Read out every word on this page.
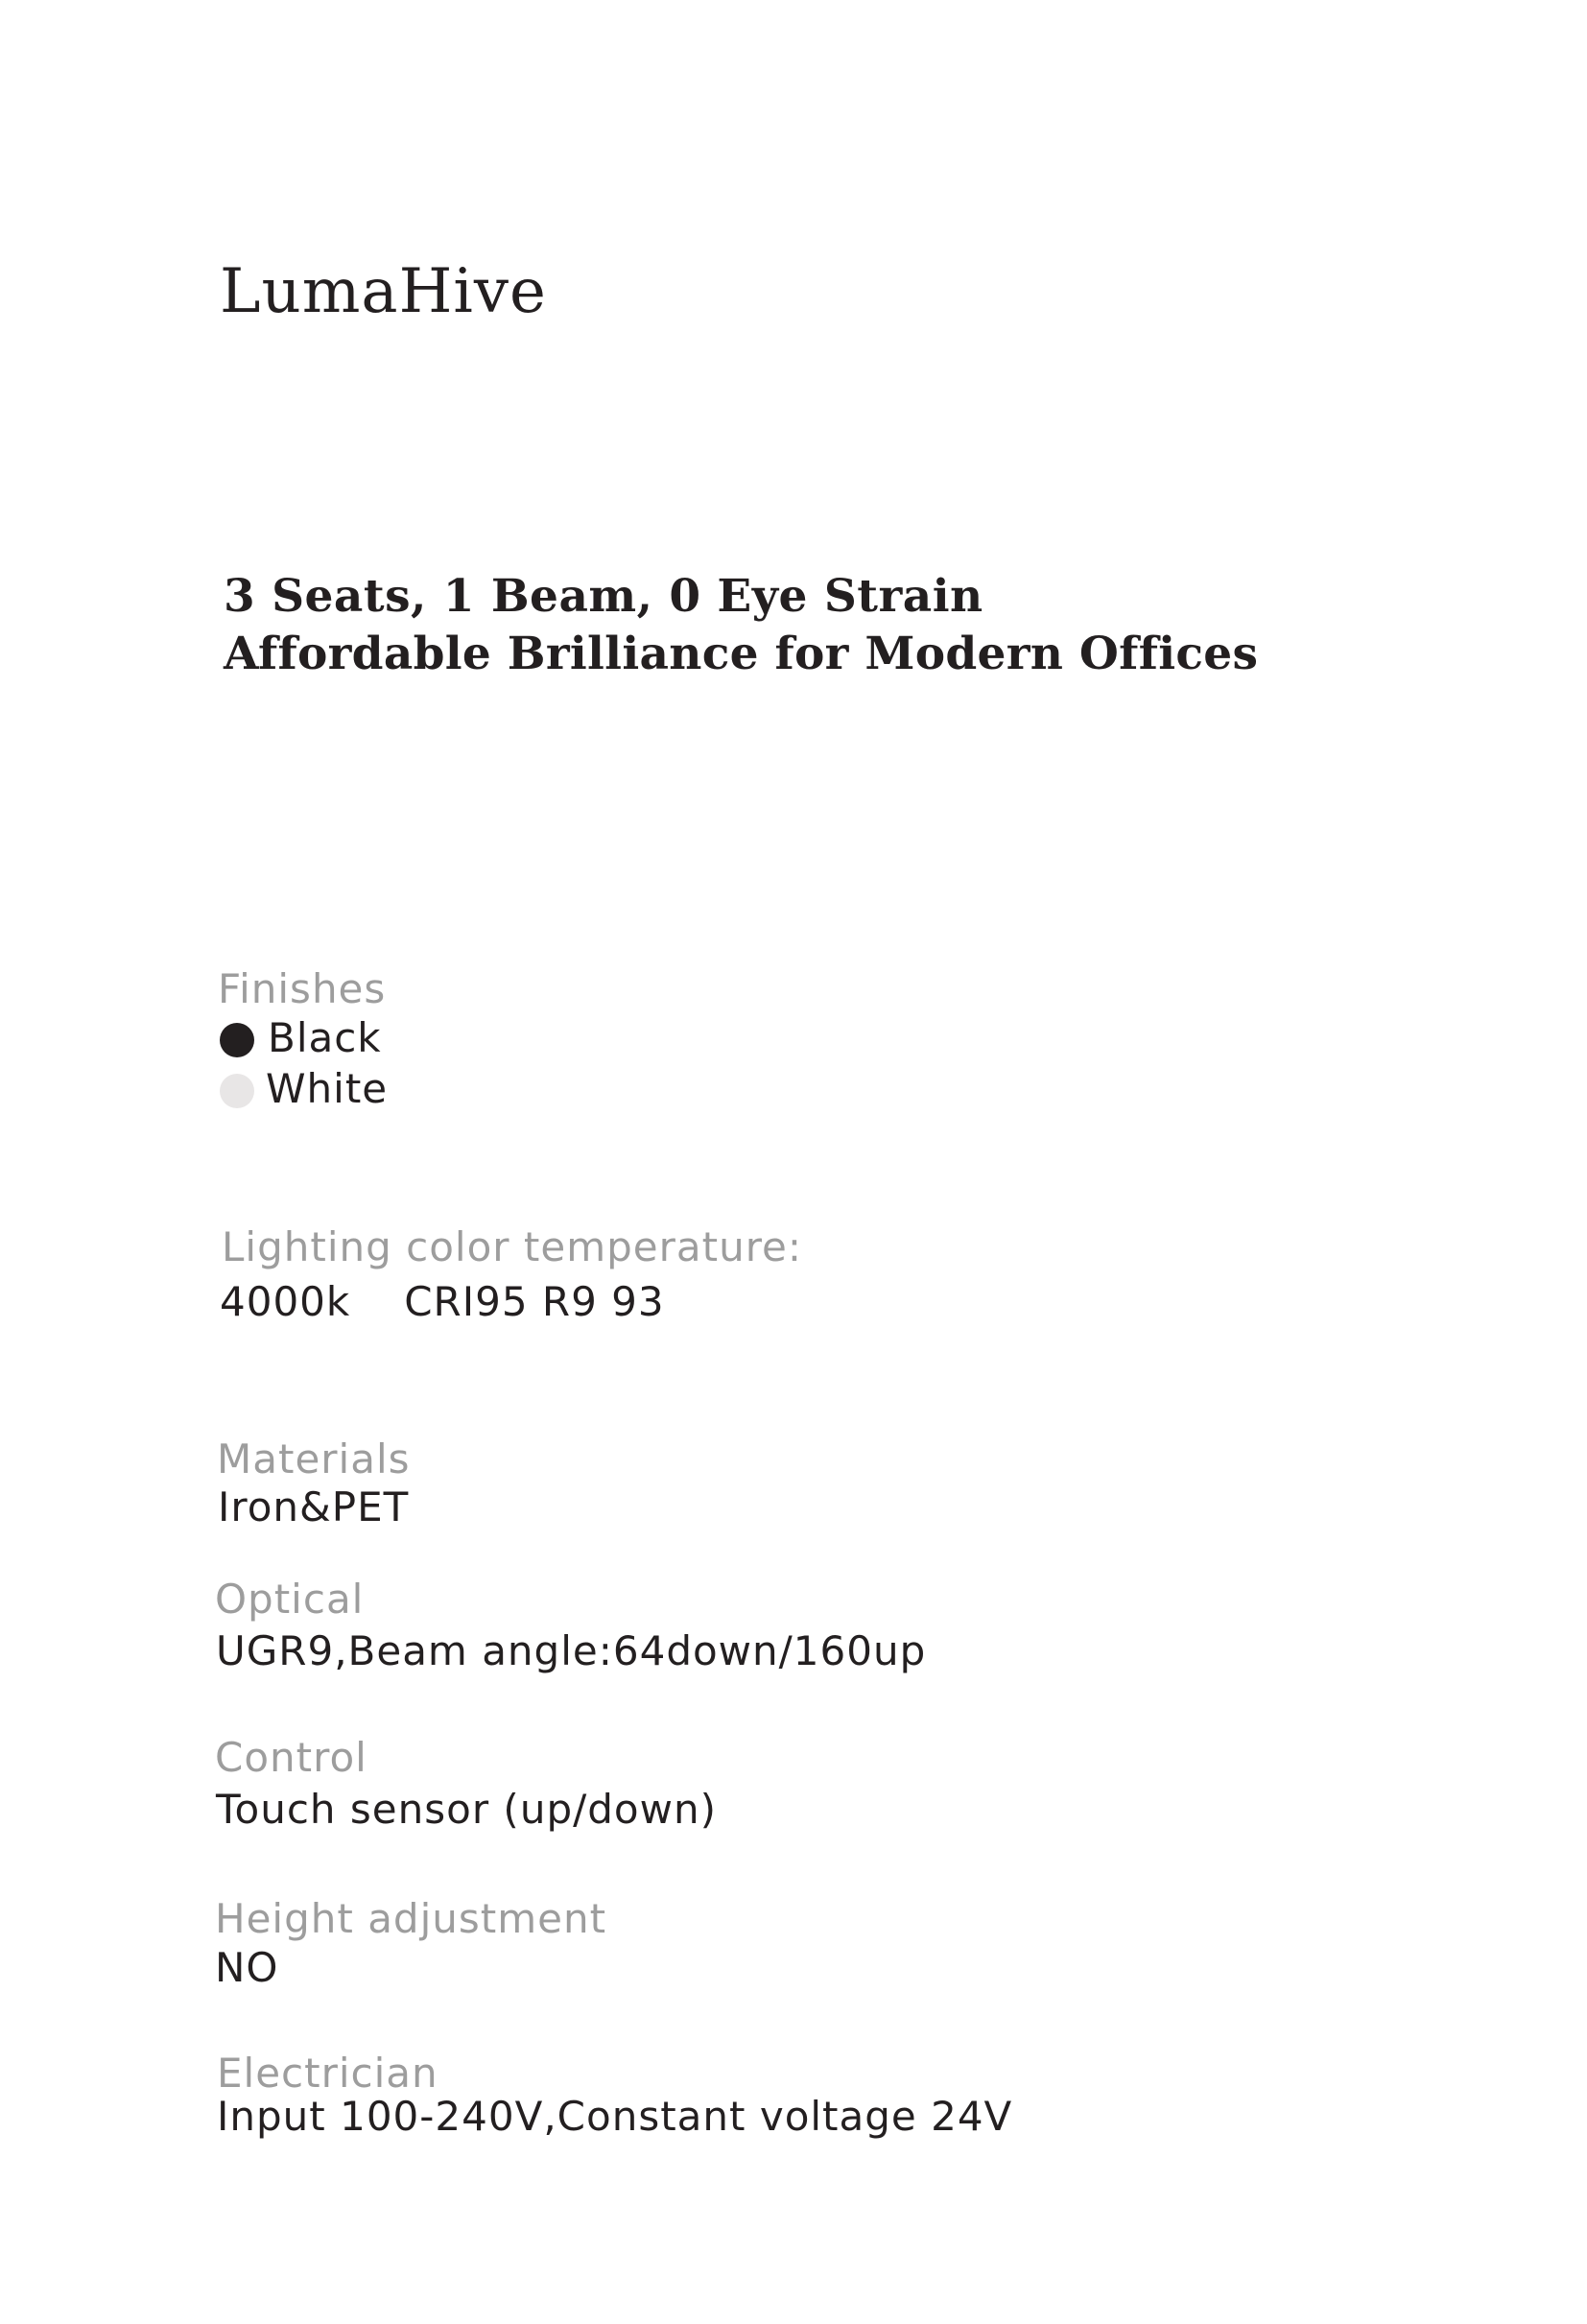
LumaHive
3 Seats, 1 Beam, 0 Eye Strain
Affordable Brilliance for Modern Offices
Finishes
Black
White
Lighting color temperature:
4000k CRI95 R9 93
Materials
Iron&PET
Optical
UGR9,Beam angle:64down/160up
Control
Touch sensor (up/down)
Height adjustment
NO
Electrician
Input 100-240V,Constant voltage 24V
